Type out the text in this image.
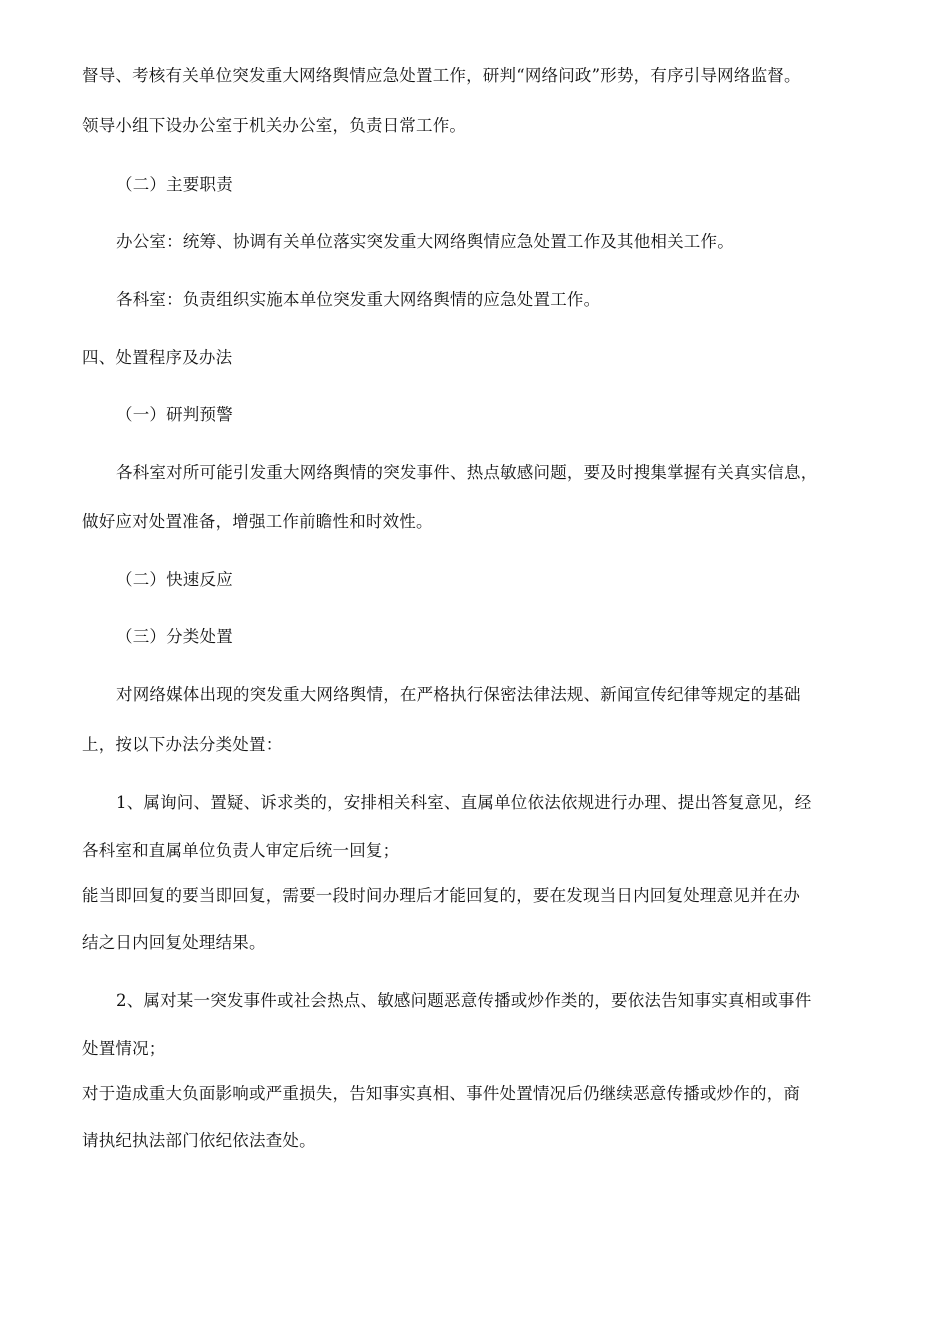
督导、考核有关单位突发重大网络舆情应急处置工作，研判“网络问政”形势，有序引导网络监督。
领导小组下设办公室于机关办公室，负责日常工作。
（二）主要职责
办公室：统筹、协调有关单位落实突发重大网络舆情应急处置工作及其他相关工作。
各科室：负责组织实施本单位突发重大网络舆情的应急处置工作。
四、处置程序及办法
（一）研判预警
各科室对所可能引发重大网络舆情的突发事件、热点敏感问题，要及时搜集掌握有关真实信息，
做好应对处置准备，增强工作前瞻性和时效性。
（二）快速反应
（三）分类处置
对网络媒体出现的突发重大网络舆情，在严格执行保密法律法规、新闻宣传纪律等规定的基础
上，按以下办法分类处置：
1、属询问、置疑、诉求类的，安排相关科室、直属单位依法依规进行办理、提出答复意见，经
各科室和直属单位负责人审定后统一回复；
能当即回复的要当即回复，需要一段时间办理后才能回复的，要在发现当日内回复处理意见并在办
结之日内回复处理结果。
2、属对某一突发事件或社会热点、敏感问题恶意传播或炒作类的，要依法告知事实真相或事件
处置情况；
对于造成重大负面影响或严重损失，告知事实真相、事件处置情况后仍继续恶意传播或炒作的，商
请执纪执法部门依纪依法查处。
